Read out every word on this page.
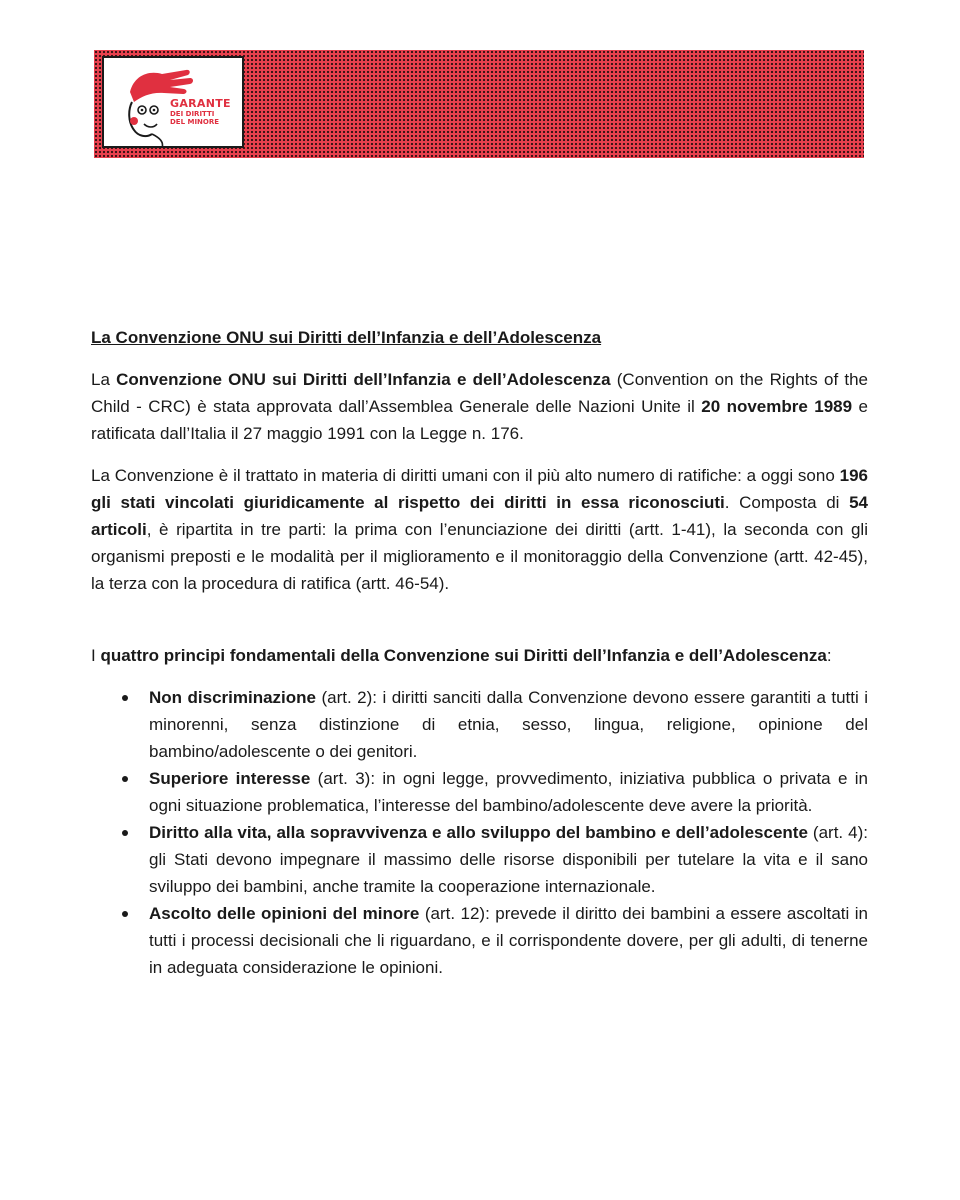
GARANTE
DEI DIRITTI
DEL MINORE
La Convenzione ONU sui Diritti dell’Infanzia e dell’Adolescenza

La Convenzione ONU sui Diritti dell’Infanzia e dell’Adolescenza (Convention on the Rights of the Child - CRC) è stata approvata dall’Assemblea Generale delle Nazioni Unite il 20 novembre 1989 e ratificata dall’Italia il 27 maggio 1991 con la Legge n. 176.

La Convenzione è il trattato in materia di diritti umani con il più alto numero di ratifiche: a oggi sono 196 gli stati vincolati giuridicamente al rispetto dei diritti in essa riconosciuti. Composta di 54 articoli, è ripartita in tre parti: la prima con l’enunciazione dei diritti (artt. 1-41), la seconda con gli organismi preposti e le modalità per il miglioramento e il monitoraggio della Convenzione (artt. 42-45), la terza con la procedura di ratifica (artt. 46-54).

I quattro principi fondamentali della Convenzione sui Diritti dell’Infanzia e dell’Adolescenza:

Non discriminazione (art. 2): i diritti sanciti dalla Convenzione devono essere garantiti a tutti i minorenni, senza distinzione di etnia, sesso, lingua, religione, opinione del bambino/adolescente o dei genitori.
Superiore interesse (art. 3): in ogni legge, provvedimento, iniziativa pubblica o privata e in ogni situazione problematica, l’interesse del bambino/adolescente deve avere la priorità.
Diritto alla vita, alla sopravvivenza e allo sviluppo del bambino e dell’adolescente (art. 4): gli Stati devono impegnare il massimo delle risorse disponibili per tutelare la vita e il sano sviluppo dei bambini, anche tramite la cooperazione internazionale.
Ascolto delle opinioni del minore (art. 12): prevede il diritto dei bambini a essere ascoltati in tutti i processi decisionali che li riguardano, e il corrispondente dovere, per gli adulti, di tenerne in adeguata considerazione le opinioni.
